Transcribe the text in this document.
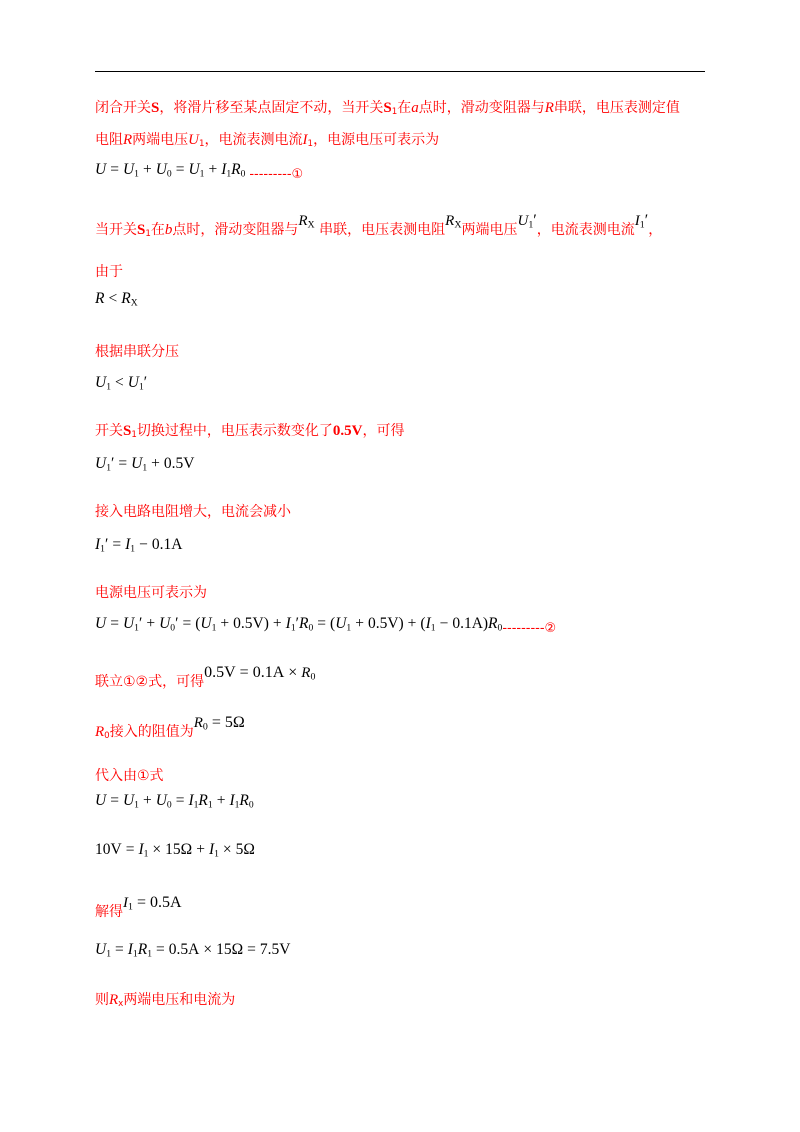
闭合开关S，将滑片移至某点固定不动，当开关$S_1$在a点时，滑动变阻器与R串联，电压表测定值
电阻R两端电压$U_1$，电流表测电流$I_1$，电源电压可表示为
$U = U_1 + U_0 = U_1 + I_1R_0$ $_{---------①}$
当开关$S_1$在b点时，滑动变阻器与$R_X$ 串联，电压表测电阻$R_X$两端电压$U_1'$，电流表测电流$I_1'$，
由于
$R < R_X$
根据串联分压
$U_1 < U_1'$
开关$S_1$切换过程中，电压表示数变化了0.5V，可得
$U_1' = U_1 + 0.5V$
接入电路电阻增大，电流会减小
$I_1' = I_1 - 0.1A$
电源电压可表示为
$U = U_1' + U_0' = (U_1 + 0.5V) + I_1'R_0 = (U_1 + 0.5V) + (I_1 - 0.1A)R_{0---------②}$
联立①②式，可得$0.5V = 0.1A \times R_0$
$R_0$接入的阻值为$R_0 = 5\Omega$
代入由①式
$U = U_1 + U_0 = I_1R_1 + I_1R_0$
$10V = I_1 \times 15\Omega + I_1 \times 5\Omega$
解得$I_1 = 0.5A$
$U_1 = I_1R_1 = 0.5A \times 15\Omega = 7.5V$
则$R_x$两端电压和电流为
